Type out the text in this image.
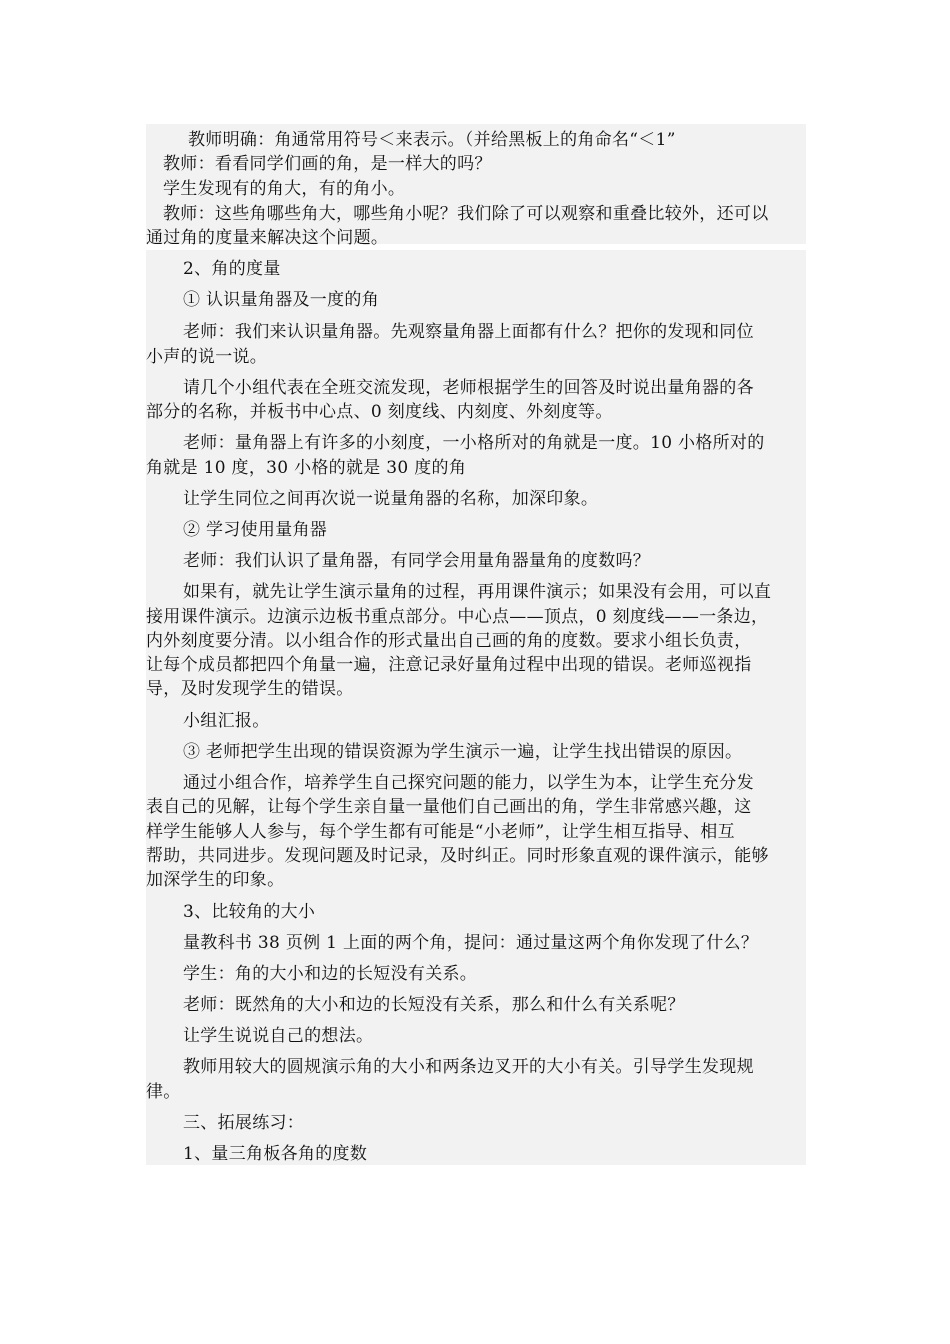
教师明确：角通常用符号＜来表示。（并给黑板上的角命名“＜1”
教师：看看同学们画的角，是一样大的吗？
学生发现有的角大，有的角小。
教师：这些角哪些角大，哪些角小呢？我们除了可以观察和重叠比较外，还可以
通过角的度量来解决这个问题。
2、角的度量
① 认识量角器及一度的角
老师：我们来认识量角器。先观察量角器上面都有什么？把你的发现和同位
小声的说一说。
请几个小组代表在全班交流发现，老师根据学生的回答及时说出量角器的各
部分的名称，并板书中心点、0 刻度线、内刻度、外刻度等。
老师：量角器上有许多的小刻度，一小格所对的角就是一度。10 小格所对的
角就是 10 度，30 小格的就是 30 度的角
让学生同位之间再次说一说量角器的名称，加深印象。
② 学习使用量角器
老师：我们认识了量角器，有同学会用量角器量角的度数吗？
如果有，就先让学生演示量角的过程，再用课件演示；如果没有会用，可以直
接用课件演示。边演示边板书重点部分。中心点——顶点，0 刻度线——一条边，
内外刻度要分清。以小组合作的形式量出自己画的角的度数。要求小组长负责，
让每个成员都把四个角量一遍，注意记录好量角过程中出现的错误。老师巡视指
导，及时发现学生的错误。
小组汇报。
③ 老师把学生出现的错误资源为学生演示一遍，让学生找出错误的原因。
通过小组合作，培养学生自己探究问题的能力，以学生为本，让学生充分发
表自己的见解，让每个学生亲自量一量他们自己画出的角，学生非常感兴趣，这
样学生能够人人参与，每个学生都有可能是“小老师”，让学生相互指导、相互
帮助，共同进步。发现问题及时记录，及时纠正。同时形象直观的课件演示，能够
加深学生的印象。
3、比较角的大小
量教科书 38 页例 1 上面的两个角，提问：通过量这两个角你发现了什么？
学生：角的大小和边的长短没有关系。
老师：既然角的大小和边的长短没有关系，那么和什么有关系呢？
让学生说说自己的想法。
教师用较大的圆规演示角的大小和两条边叉开的大小有关。引导学生发现规
律。
三、拓展练习：
1、量三角板各角的度数
